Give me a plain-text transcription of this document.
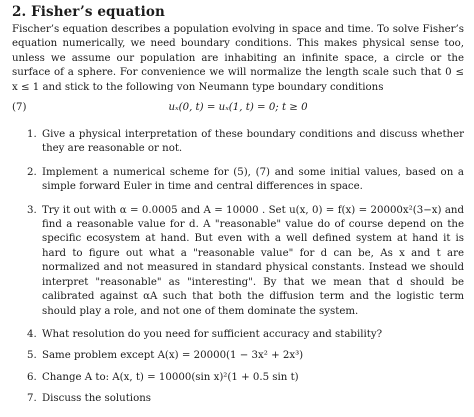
2. Fisher’s equation
Fischer’s equation describes a population evolving in space and time. To solve Fisher’s equation numerically, we need boundary conditions. This makes physical sense too, unless we assume our population are inhabiting an infinite space, a circle or the surface of a sphere. For convenience we will normalize the length scale such that 0 ≤ x ≤ 1 and stick to the following von Neumann type boundary conditions
(7)	uₓ(0, t) = uₓ(1, t) = 0; t ≥ 0
1. Give a physical interpretation of these boundary conditions and discuss whether they are reasonable or not.
2. Implement a numerical scheme for (5), (7) and some initial values, based on a simple forward Euler in time and central differences in space.
3. Try it out with α = 0.0005 and A = 10000 . Set u(x, 0) = f(x) = 20000x²(3−x) and find a reasonable value for d. A "reasonable" value do of course depend on the specific ecosystem at hand. But even with a well defined system at hand it is hard to figure out what a "reasonable value" for d can be, As x and t are normalized and not measured in standard physical constants. Instead we should interpret "reasonable" as "interesting". By that we mean that d should be calibrated against αA such that both the diffusion term and the logistic term should play a role, and not one of them dominate the system.
4. What resolution do you need for sufficient accuracy and stability?
5. Same problem except A(x) = 20000(1 − 3x² + 2x³)
6. Change A to: A(x, t) = 10000(sin x)²(1 + 0.5 sin t)
7. Discuss the solutions
